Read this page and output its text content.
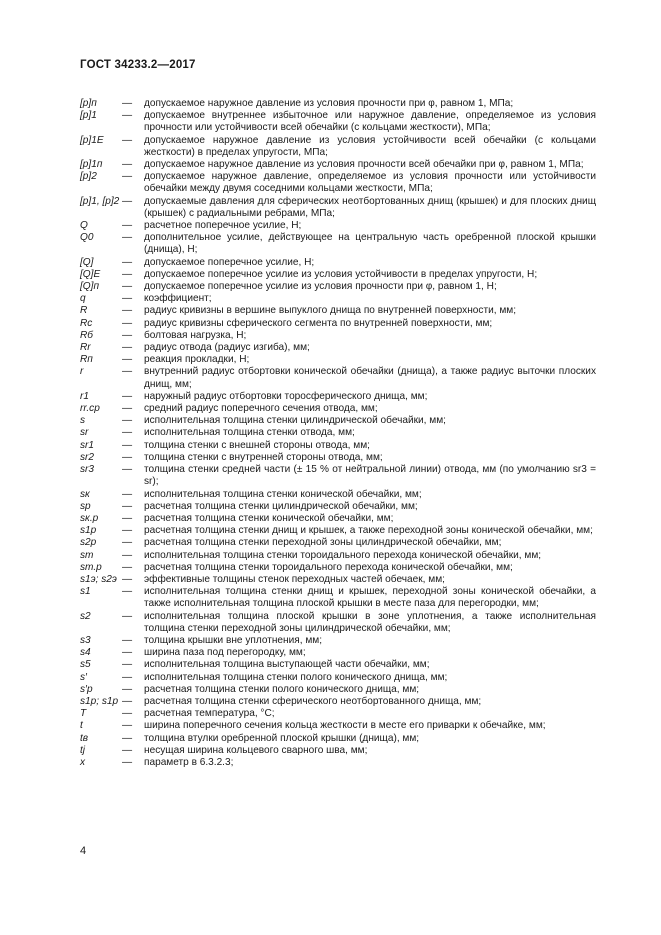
ГОСТ 34233.2—2017
[p]п	—	допускаемое наружное давление из условия прочности при φ, равном 1, МПа;
[p]1	—	допускаемое внутреннее избыточное или наружное давление, определяемое из условия прочности или устойчивости всей обечайки (с кольцами жесткости), МПа;
[p]1E	—	допускаемое наружное давление из условия устойчивости всей обечайки (с кольцами жесткости) в пределах упругости, МПа;
[p]1п	—	допускаемое наружное давление из условия прочности всей обечайки при φ, равном 1, МПа;
[p]2	—	допускаемое наружное давление, определяемое из условия прочности или устойчивости обечайки между двумя соседними кольцами жесткости, МПа;
[p]1, [p]2 —	допускаемые давления для сферических неотбортованных днищ (крышек) и для плоских днищ (крышек) с радиальными ребрами, МПа;
Q	—	расчетное поперечное усилие, Н;
Q0	—	дополнительное усилие, действующее на центральную часть оребренной плоской крышки (днища), Н;
[Q]	—	допускаемое поперечное усилие, Н;
[Q]E	—	допускаемое поперечное усилие из условия устойчивости в пределах упругости, Н;
[Q]п	—	допускаемое поперечное усилие из условия прочности при φ, равном 1, Н;
q	—	коэффициент;
R	—	радиус кривизны в вершине выпуклого днища по внутренней поверхности, мм;
Rc	—	радиус кривизны сферического сегмента по внутренней поверхности, мм;
Rб	—	болтовая нагрузка, Н;
Rr	—	радиус отвода (радиус изгиба), мм;
Rп	—	реакция прокладки, Н;
r	—	внутренний радиус отбортовки конической обечайки (днища), а также радиус выточки плоских днищ, мм;
r1	—	наружный радиус отбортовки торосферического днища, мм;
rr.ср	—	средний радиус поперечного сечения отвода, мм;
s	—	исполнительная толщина стенки цилиндрической обечайки, мм;
sr	—	исполнительная толщина стенки отвода, мм;
sr1	—	толщина стенки с внешней стороны отвода, мм;
sr2	—	толщина стенки с внутренней стороны отвода, мм;
sr3	—	толщина стенки средней части (± 15 % от нейтральной линии) отвода, мм (по умолчанию sr3 = sr);
sк	—	исполнительная толщина стенки конической обечайки, мм;
sp	—	расчетная толщина стенки цилиндрической обечайки, мм;
sк.р	—	расчетная толщина стенки конической обечайки, мм;
s1p	—	расчетная толщина стенки днищ и крышек, а также переходной зоны конической обечайки, мм;
s2p	—	расчетная толщина стенки переходной зоны цилиндрической обечайки, мм;
sт	—	исполнительная толщина стенки тороидального перехода конической обечайки, мм;
sт.р	—	расчетная толщина стенки тороидального перехода конической обечайки, мм;
s1э; s2э —	эффективные толщины стенок переходных частей обечаек, мм;
s1	—	исполнительная толщина стенки днищ и крышек, переходной зоны конической обечайки, а также исполнительная толщина плоской крышки в месте паза для перегородки, мм;
s2	—	исполнительная толщина плоской крышки в зоне уплотнения, а также исполнительная толщина стенки переходной зоны цилиндрической обечайки, мм;
s3	—	толщина крышки вне уплотнения, мм;
s4	—	ширина паза под перегородку, мм;
s5	—	исполнительная толщина выступающей части обечайки, мм;
s′	—	исполнительная толщина стенки полого конического днища, мм;
s′p	—	расчетная толщина стенки полого конического днища, мм;
s1p; s1p —	расчетная толщина стенки сферического неотбортованного днища, мм;
T	—	расчетная температура, °С;
t	—	ширина поперечного сечения кольца жесткости в месте его приварки к обечайке, мм;
tв	—	толщина втулки оребренной плоской крышки (днища), мм;
tj	—	несущая ширина кольцевого сварного шва, мм;
x	—	параметр в 6.3.2.3;
4
